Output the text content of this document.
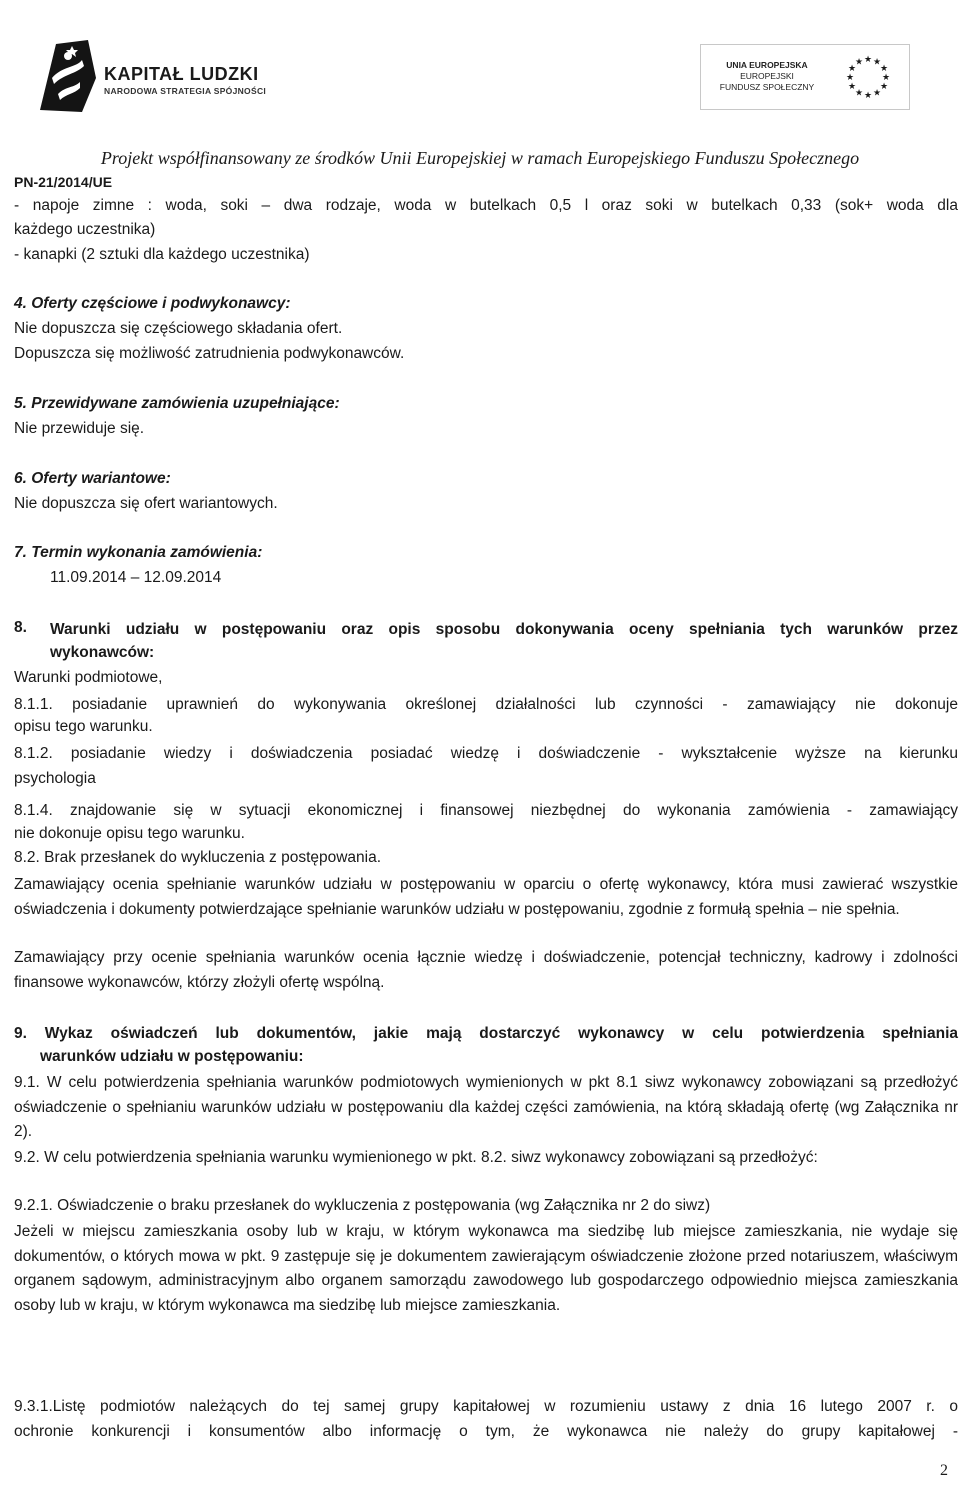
KAPITAŁ LUDZKI
NARODOWA STRATEGIA SPÓJNOŚCI
UNIA EUROPEJSKA
EUROPEJSKI
FUNDUSZ SPOŁECZNY
★ ★
★
★
★
★
★
★
★
★
★
★
Projekt współfinansowany ze środków Unii Europejskiej w ramach Europejskiego Funduszu Społecznego
PN-21/2014/UE
- napoje zimne : woda, soki – dwa rodzaje, woda w butelkach 0,5 l oraz soki w butelkach 0,33 (sok+ woda dla
każdego uczestnika)
- kanapki (2 sztuki dla każdego uczestnika)
4. Oferty częściowe i podwykonawcy:
Nie dopuszcza się częściowego składania ofert.
Dopuszcza się możliwość zatrudnienia podwykonawców.
5. Przewidywane zamówienia uzupełniające:
Nie przewiduje się.
6. Oferty wariantowe:
Nie dopuszcza się ofert wariantowych.
7. Termin wykonania zamówienia:
11.09.2014 – 12.09.2014
8. Warunki udziału w postępowaniu oraz opis sposobu dokonywania oceny spełniania tych warunków przez
wykonawców:
Warunki podmiotowe,
8.1.1. posiadanie uprawnień do wykonywania określonej działalności lub czynności - zamawiający nie dokonuje
opisu tego warunku.
8.1.2. posiadanie wiedzy i doświadczenia posiadać wiedzę i doświadczenie - wykształcenie wyższe na kierunku
psychologia
8.1.4. znajdowanie się w sytuacji ekonomicznej i finansowej niezbędnej do wykonania zamówienia - zamawiający
nie dokonuje opisu tego warunku.
8.2. Brak przesłanek do wykluczenia z postępowania.
Zamawiający ocenia spełnianie warunków udziału w postępowaniu w oparciu o ofertę wykonawcy, która musi zawierać wszystkie oświadczenia i dokumenty potwierdzające spełnianie warunków udziału w postępowaniu, zgodnie z formułą spełnia – nie spełnia.
Zamawiający przy ocenie spełniania warunków ocenia łącznie wiedzę i doświadczenie, potencjał techniczny, kadrowy i zdolności finansowe wykonawców, którzy złożyli ofertę wspólną.
9. Wykaz oświadczeń lub dokumentów, jakie mają dostarczyć wykonawcy w celu potwierdzenia spełniania
warunków udziału w postępowaniu:
9.1. W celu potwierdzenia spełniania warunków podmiotowych wymienionych w pkt 8.1 siwz wykonawcy zobowiązani są przedłożyć oświadczenie o spełnianiu warunków udziału w postępowaniu dla każdej części zamówienia, na którą składają ofertę (wg Załącznika nr 2).
9.2. W celu potwierdzenia spełniania warunku wymienionego w pkt. 8.2. siwz wykonawcy zobowiązani są przedłożyć:
9.2.1. Oświadczenie o braku przesłanek do wykluczenia z postępowania (wg Załącznika nr 2 do siwz)
Jeżeli w miejscu zamieszkania osoby lub w kraju, w którym wykonawca ma siedzibę lub miejsce zamieszkania, nie wydaje się dokumentów, o których mowa w pkt. 9 zastępuje się je dokumentem zawierającym oświadczenie złożone przed notariuszem, właściwym organem sądowym, administracyjnym albo organem samorządu zawodowego lub gospodarczego odpowiednio miejsca zamieszkania osoby lub w kraju, w którym wykonawca ma siedzibę lub miejsce zamieszkania.
9.3.1.Listę podmiotów należących do tej samej grupy kapitałowej w rozumieniu ustawy z dnia 16 lutego 2007 r. o
ochronie konkurencji i konsumentów albo informację o tym, że wykonawca nie należy do grupy kapitałowej -
2
